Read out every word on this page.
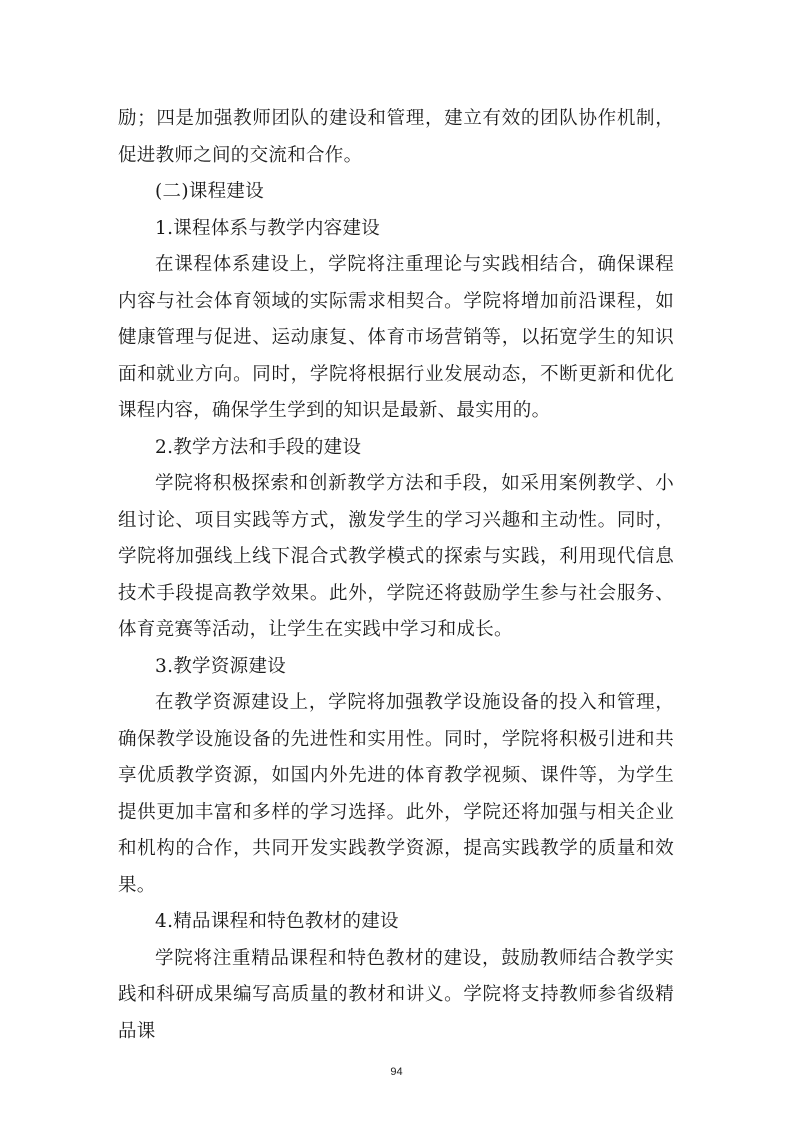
励；四是加强教师团队的建设和管理，建立有效的团队协作机制，促进教师之间的交流和合作。

(二)课程建设

1.课程体系与教学内容建设

在课程体系建设上，学院将注重理论与实践相结合，确保课程内容与社会体育领域的实际需求相契合。学院将增加前沿课程，如健康管理与促进、运动康复、体育市场营销等，以拓宽学生的知识面和就业方向。同时，学院将根据行业发展动态，不断更新和优化课程内容，确保学生学到的知识是最新、最实用的。

2.教学方法和手段的建设

学院将积极探索和创新教学方法和手段，如采用案例教学、小组讨论、项目实践等方式，激发学生的学习兴趣和主动性。同时，学院将加强线上线下混合式教学模式的探索与实践，利用现代信息技术手段提高教学效果。此外，学院还将鼓励学生参与社会服务、体育竞赛等活动，让学生在实践中学习和成长。

3.教学资源建设

在教学资源建设上，学院将加强教学设施设备的投入和管理，确保教学设施设备的先进性和实用性。同时，学院将积极引进和共享优质教学资源，如国内外先进的体育教学视频、课件等，为学生提供更加丰富和多样的学习选择。此外，学院还将加强与相关企业和机构的合作，共同开发实践教学资源，提高实践教学的质量和效果。

4.精品课程和特色教材的建设

学院将注重精品课程和特色教材的建设，鼓励教师结合教学实践和科研成果编写高质量的教材和讲义。学院将支持教师参省级精品课

94
